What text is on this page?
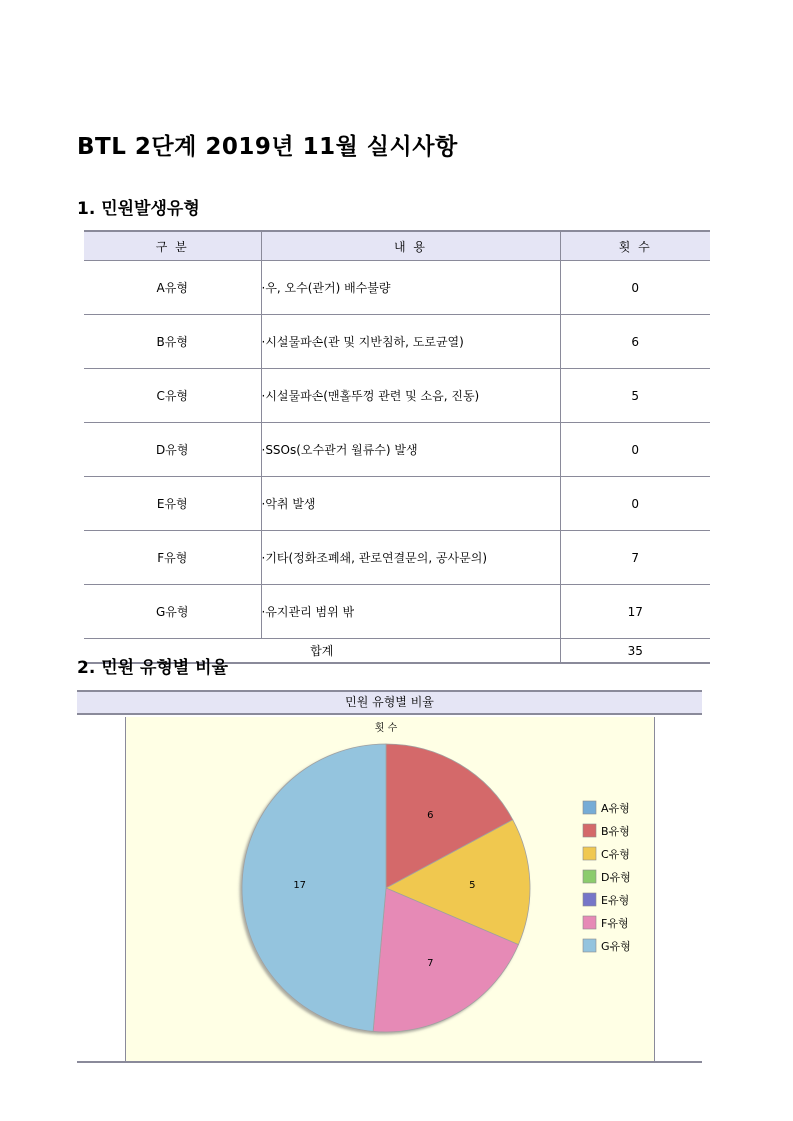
BTL 2단계 2019년 11월 실시사항
1. 민원발생유형
구 분	내 용	횟 수
A유형	·우, 오수(관거) 배수불량	0
B유형	·시설물파손(관 및 지반침하, 도로균열)	6
C유형	·시설물파손(맨홀뚜껑 관련 및 소음, 진동)	5
D유형	·SSOs(오수관거 월류수) 발생	0
E유형	·악취 발생	0
F유형	·기타(정화조폐쇄, 관로연결문의, 공사문의)	7
G유형	·유지관리 범위 밖	17
합계		35
2. 민원 유형별 비율
민원 유형별 비율
횟 수
6
5
7
17
A유형
B유형
C유형
D유형
E유형
F유형
G유형
